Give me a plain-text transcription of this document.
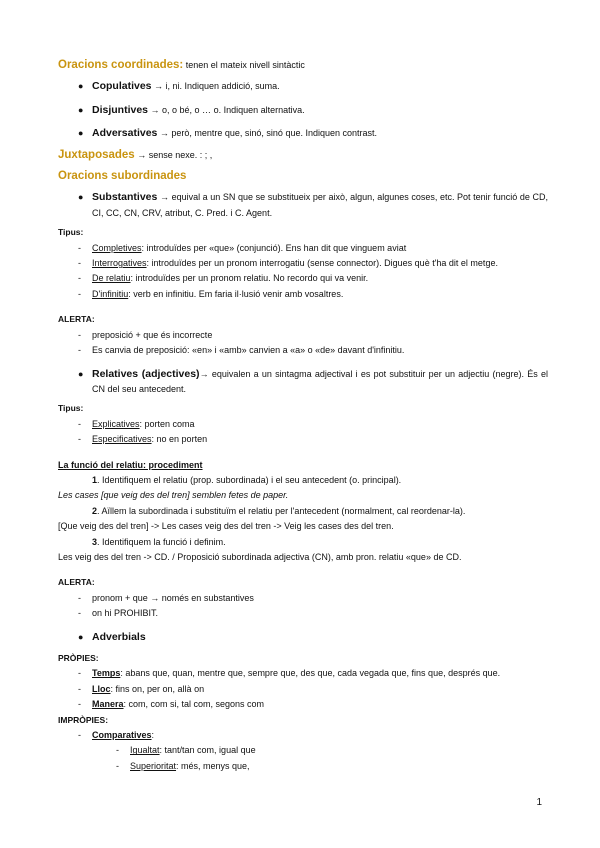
Oracions coordinades: tenen el mateix nivell sintàctic
● Copulatives → i, ni. Indiquen addició, suma.
● Disjuntives → o, o bé, o … o. Indiquen alternativa.
● Adversatives → però, mentre que, sinó, sinó que. Indiquen contrast.
Juxtaposades → sense nexe. : ; ,
Oracions subordinades
● Substantives → equival a un SN que se substitueix per això, algun, algunes coses, etc. Pot tenir funció de CD, CI, CC, CN, CRV, atribut, C. Pred. i C. Agent.
Tipus:
- Completives: introduïdes per «que» (conjunció). Ens han dit que vinguem aviat
- Interrogatives: introduïdes per un pronom interrogatiu (sense connector). Digues què t'ha dit el metge.
- De relatiu: introduïdes per un pronom relatiu. No recordo qui va venir.
- D'infinitiu: verb en infinitiu. Em faria il·lusió venir amb vosaltres.
ALERTA:
- preposició + que és incorrecte
- Es canvia de preposició: «en» i «amb» canvien a «a» o «de» davant d'infinitiu.
● Relatives (adjectives)→ equivalen a un sintagma adjectival i es pot substituir per un adjectiu (negre). És el CN del seu antecedent.
Tipus:
- Explicatives: porten coma
- Especificatives: no en porten
La funció del relatiu: procediment
1. Identifiquem el relatiu (prop. subordinada) i el seu antecedent (o. principal).
Les cases [que veig des del tren] semblen fetes de paper.
2. Aïllem la subordinada i substituïm el relatiu per l'antecedent (normalment, cal reordenar-la).
[Que veig des del tren] -> Les cases veig des del tren -> Veig les cases des del tren.
3. Identifiquem la funció i definim.
Les veig des del tren -> CD. / Proposició subordinada adjectiva (CN), amb pron. relatiu «que» de CD.
ALERTA:
- pronom + que → només en substantives
- on hi PROHIBIT.
● Adverbials
PRÒPIES:
- Temps: abans que, quan, mentre que, sempre que, des que, cada vegada que, fins que, després que.
- Lloc: fins on, per on, allà on
- Manera: com, com si, tal com, segons com
IMPRÒPIES:
- Comparatives:
- Igualtat: tant/tan com, igual que
- Superioritat: més, menys que,
1
